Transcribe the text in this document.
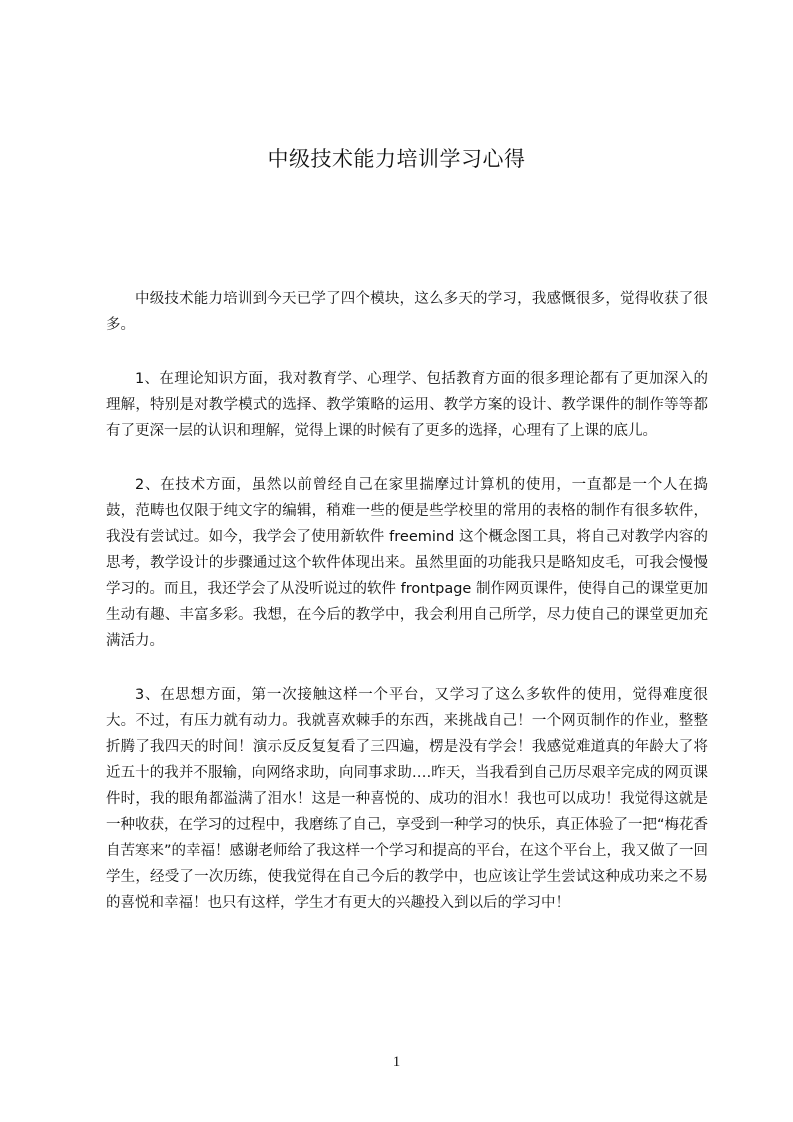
中级技术能力培训学习心得

中级技术能力培训到今天已学了四个模块，这么多天的学习，我感慨很多，觉得收获了很多。

1、在理论知识方面，我对教育学、心理学、包括教育方面的很多理论都有了更加深入的理解，特别是对教学模式的选择、教学策略的运用、教学方案的设计、教学课件的制作等等都有了更深一层的认识和理解，觉得上课的时候有了更多的选择，心理有了上课的底儿。

2、在技术方面，虽然以前曾经自己在家里揣摩过计算机的使用，一直都是一个人在捣鼓，范畴也仅限于纯文字的编辑，稍难一些的便是些学校里的常用的表格的制作有很多软件，我没有尝试过。如今，我学会了使用新软件 freemind 这个概念图工具，将自己对教学内容的思考，教学设计的步骤通过这个软件体现出来。虽然里面的功能我只是略知皮毛，可我会慢慢学习的。而且，我还学会了从没听说过的软件 frontpage 制作网页课件，使得自己的课堂更加生动有趣、丰富多彩。我想，在今后的教学中，我会利用自己所学，尽力使自己的课堂更加充满活力。

3、在思想方面，第一次接触这样一个平台，又学习了这么多软件的使用，觉得难度很大。不过，有压力就有动力。我就喜欢棘手的东西，来挑战自己！一个网页制作的作业，整整折腾了我四天的时间！演示反反复复看了三四遍，楞是没有学会！我感觉难道真的年龄大了将近五十的我并不服输，向网络求助，向同事求助‥‥昨天，当我看到自己历尽艰辛完成的网页课件时，我的眼角都溢满了泪水！这是一种喜悦的、成功的泪水！我也可以成功！我觉得这就是一种收获，在学习的过程中，我磨练了自己，享受到一种学习的快乐，真正体验了一把“梅花香自苦寒来”的幸福！感谢老师给了我这样一个学习和提高的平台，在这个平台上，我又做了一回学生，经受了一次历练，使我觉得在自己今后的教学中，也应该让学生尝试这种成功来之不易的喜悦和幸福！也只有这样，学生才有更大的兴趣投入到以后的学习中！

1
